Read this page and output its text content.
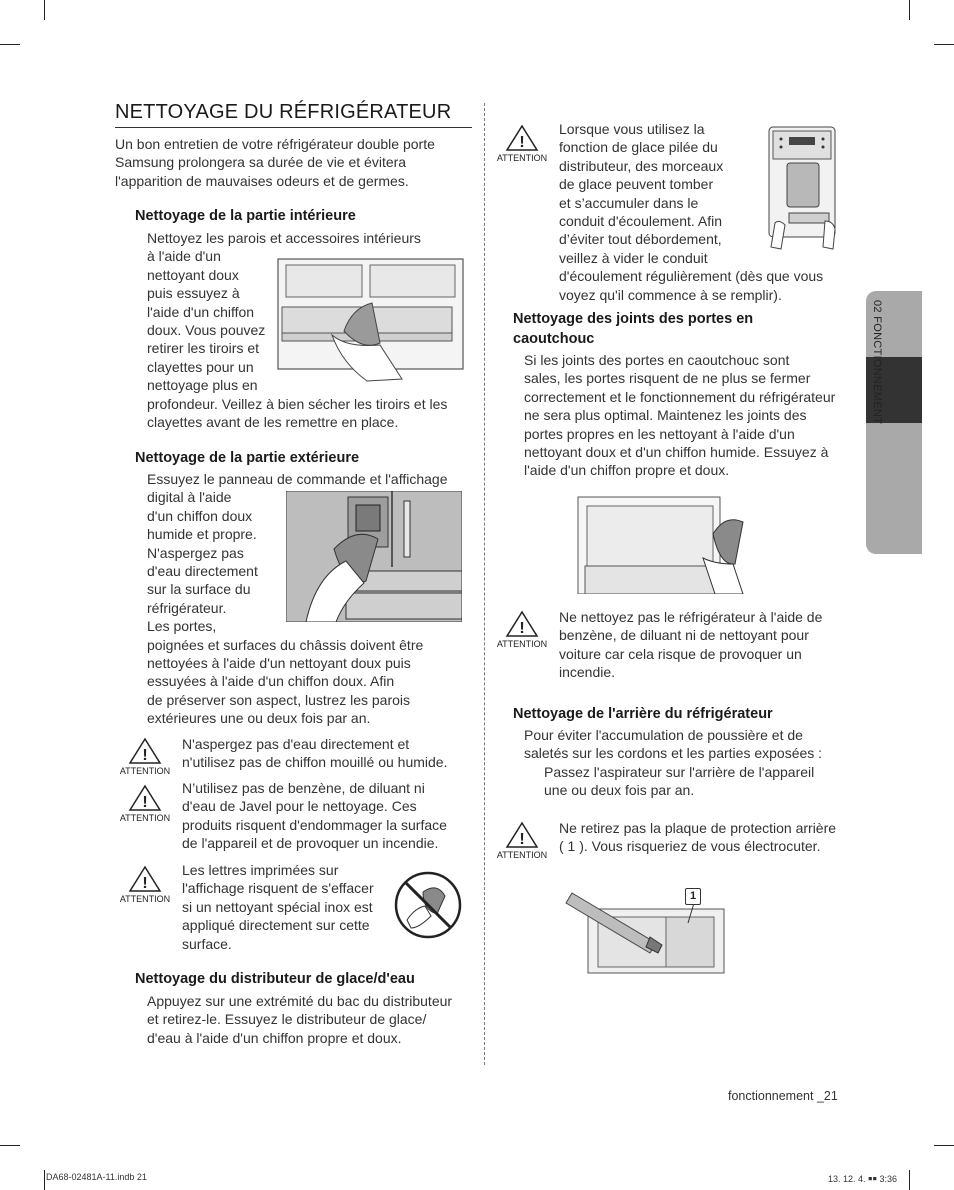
02 FONCTIONNEMENT
NETTOYAGE DU RÉFRIGÉRATEUR
Un bon entretien de votre réfrigérateur double porte
Samsung prolongera sa durée de vie et évitera
l'apparition de mauvaises odeurs et de germes.
Nettoyage de la partie intérieure
Nettoyez les parois et accessoires intérieurs
à l'aide d'un
nettoyant doux
puis essuyez à
l'aide d'un chiffon
doux. Vous pouvez
retirer les tiroirs et
clayettes pour un
nettoyage plus en
profondeur. Veillez à bien sécher les tiroirs et les
clayettes avant de les remettre en place.
Nettoyage de la partie extérieure
Essuyez le panneau de commande et l'affichage
digital à l'aide
d'un chiffon doux
humide et propre.
N'aspergez pas
d'eau directement
sur la surface du
réfrigérateur.
Les portes,
poignées et surfaces du châssis doivent être
nettoyées à l'aide d'un nettoyant doux puis
essuyées à l'aide d'un chiffon doux. Afin
de préserver son aspect, lustrez les parois
extérieures une ou deux fois par an.
!
ATTENTION
N'aspergez pas d'eau directement et
n'utilisez pas de chiffon mouillé ou humide.
!
ATTENTION
N’utilisez pas de benzène, de diluant ni
d'eau de Javel pour le nettoyage. Ces
produits risquent d'endommager la surface
de l'appareil et de provoquer un incendie.
!
ATTENTION
Les lettres imprimées sur
l'affichage risquent de s'effacer
si un nettoyant spécial inox est
appliqué directement sur cette
surface.
Nettoyage du distributeur de glace/d'eau
Appuyez sur une extrémité du bac du distributeur
et retirez-le. Essuyez le distributeur de glace/
d'eau à l'aide d'un chiffon propre et doux.
!
ATTENTION
Lorsque vous utilisez la
fonction de glace pilée du
distributeur, des morceaux
de glace peuvent tomber
et s’accumuler dans le
conduit d'écoulement. Afin
d’éviter tout débordement,
veillez à vider le conduit
d'écoulement régulièrement (dès que vous
voyez qu'il commence à se remplir).
Nettoyage des joints des portes en
caoutchouc
Si les joints des portes en caoutchouc sont
sales, les portes risquent de ne plus se fermer
correctement et le fonctionnement du réfrigérateur
ne sera plus optimal. Maintenez les joints des
portes propres en les nettoyant à l'aide d'un
nettoyant doux et d'un chiffon humide. Essuyez à
l'aide d'un chiffon propre et doux.
!
ATTENTION
Ne nettoyez pas le réfrigérateur à l'aide de
benzène, de diluant ni de nettoyant pour
voiture car cela risque de provoquer un
incendie.
Nettoyage de l'arrière du réfrigérateur
Pour éviter l'accumulation de poussière et de
saletés sur les cordons et les parties exposées :
Passez l'aspirateur sur l'arrière de l'appareil
une ou deux fois par an.
!
ATTENTION
Ne retirez pas la plaque de protection arrière
( 1 ). Vous risqueriez de vous électrocuter.
1
fonctionnement _21
DA68-02481A-11.indb 21	13. 12. 4. ￭￭ 3:36
